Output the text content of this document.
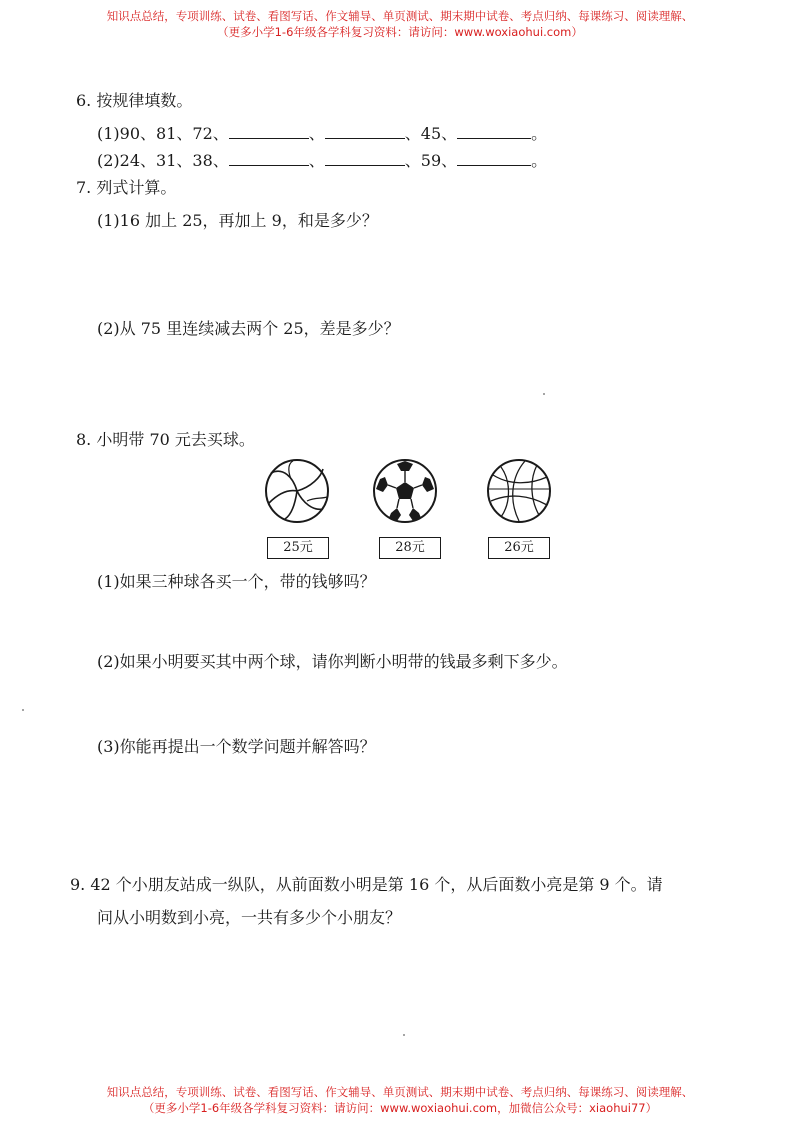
知识点总结，专项训练、试卷、看图写话、作文辅导、单页测试、期末期中试卷、考点归纳、每课练习、阅读理解、
（更多小学1-6年级各学科复习资料：请访问：www.woxiaohui.com）
6. 按规律填数。
(1)90、81、72、	、	、45、	。
(2)24、31、38、	、	、59、	。
7. 列式计算。
(1)16 加上 25，再加上 9，和是多少？
(2)从 75 里连续减去两个 25，差是多少？
8. 小明带 70 元去买球。
25元	28元	26元
(1)如果三种球各买一个，带的钱够吗？
(2)如果小明要买其中两个球，请你判断小明带的钱最多剩下多少。
(3)你能再提出一个数学问题并解答吗？
9. 42 个小朋友站成一纵队，从前面数小明是第 16 个，从后面数小亮是第 9 个。请
问从小明数到小亮，一共有多少个小朋友？
知识点总结，专项训练、试卷、看图写话、作文辅导、单页测试、期末期中试卷、考点归纳、每课练习、阅读理解、
（更多小学1-6年级各学科复习资料：请访问：www.woxiaohui.com，加微信公众号：xiaohui77）
